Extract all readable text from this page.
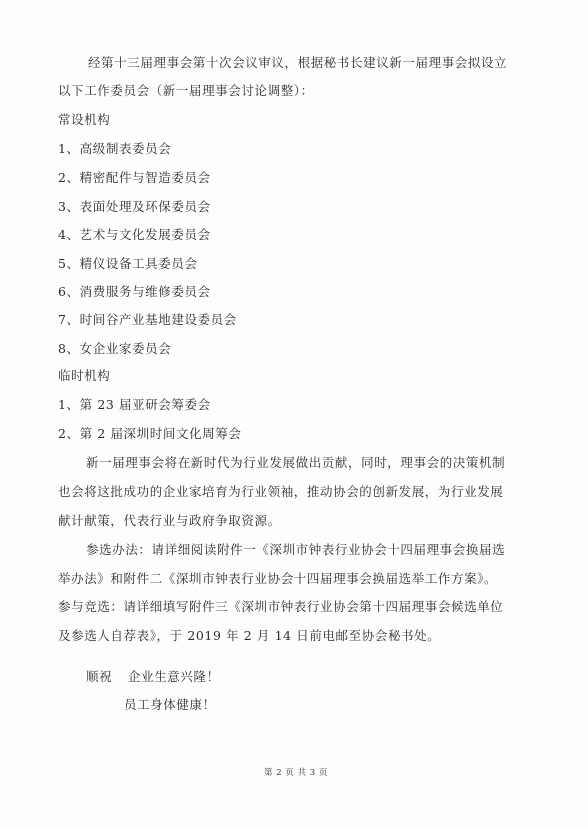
经第十三届理事会第十次会议审议，根据秘书长建议新一届理事会拟设立
以下工作委员会（新一届理事会讨论调整）：
常设机构
1、高级制表委员会
2、精密配件与智造委员会
3、表面处理及环保委员会
4、艺术与文化发展委员会
5、精仪设备工具委员会
6、消费服务与维修委员会
7、时间谷产业基地建设委员会
8、女企业家委员会
临时机构
1、第 23 届亚研会筹委会
2、第 2 届深圳时间文化周筹会
新一届理事会将在新时代为行业发展做出贡献，同时，理事会的决策机制
也会将这批成功的企业家培育为行业领袖，推动协会的创新发展，为行业发展
献计献策，代表行业与政府争取资源。
参选办法：请详细阅读附件一《深圳市钟表行业协会十四届理事会换届选
举办法》和附件二《深圳市钟表行业协会十四届理事会换届选举工作方案》。
参与竞选：请详细填写附件三《深圳市钟表行业协会第十四届理事会候选单位
及参选人自荐表》，于 2019 年 2 月 14 日前电邮至协会秘书处。
顺祝 企业生意兴隆！
员工身体健康！
第 2 页 共 3 页
